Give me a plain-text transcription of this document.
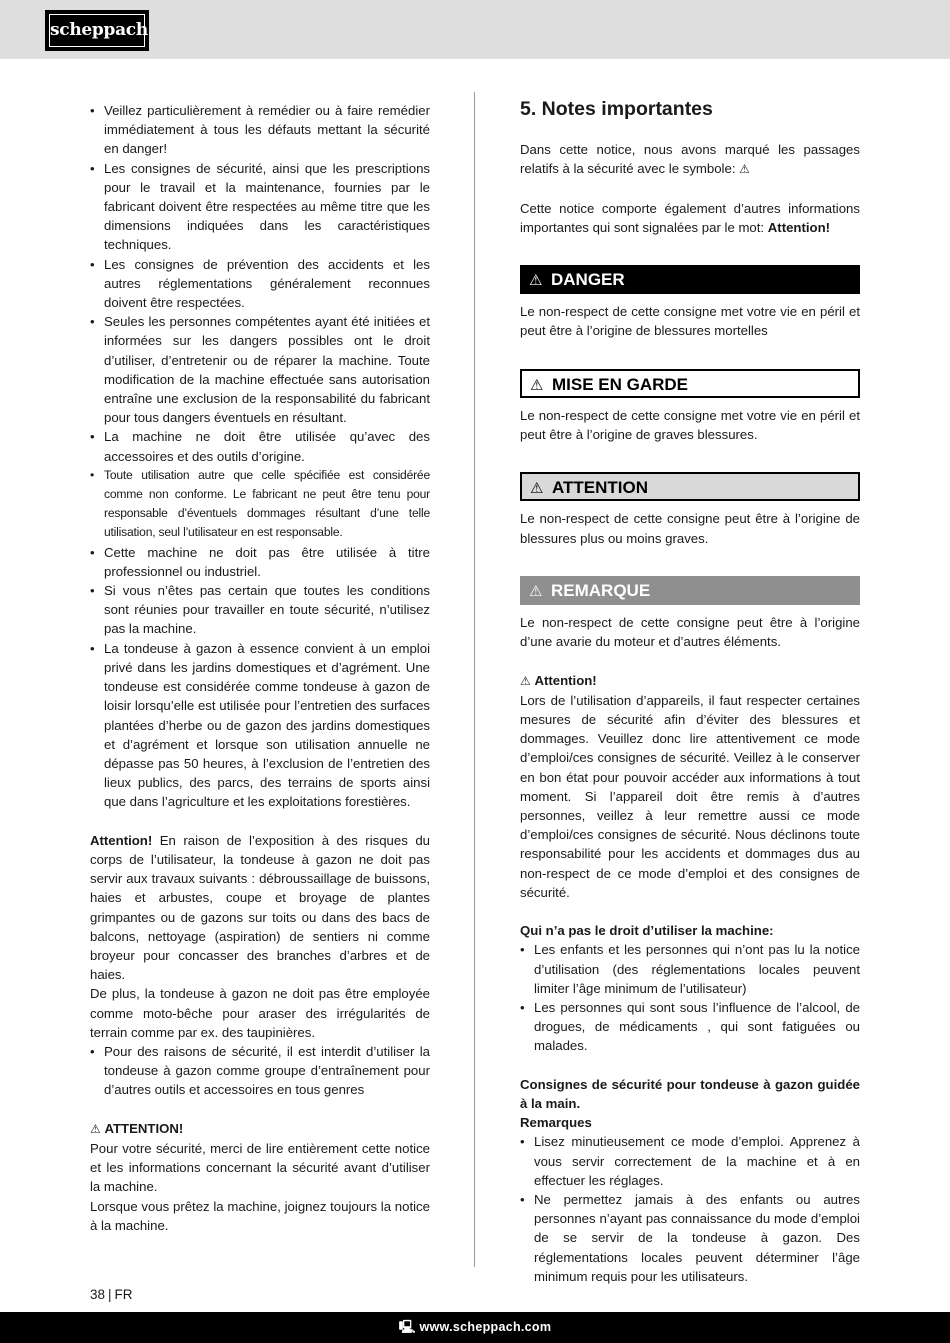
scheppach
• Veillez particulièrement à remédier ou à faire remédier immédiatement à tous les défauts mettant la sécurité en danger!
• Les consignes de sécurité, ainsi que les prescriptions pour le travail et la maintenance, fournies par le fabricant doivent être respectées au même titre que les dimensions indiquées dans les caractéristiques techniques.
• Les consignes de prévention des accidents et les autres réglementations généralement reconnues doivent être respectées.
• Seules les personnes compétentes ayant été initiées et informées sur les dangers possibles ont le droit d’utiliser, d’entretenir ou de réparer la machine. Toute modification de la machine effectuée sans autorisation entraîne une exclusion de la responsabilité du fabricant pour tous dangers éventuels en résultant.
• La machine ne doit être utilisée qu’avec des accessoires et des outils d’origine.
• Toute utilisation autre que celle spécifiée est considérée comme non conforme. Le fabricant ne peut être tenu pour responsable d’éventuels dommages résultant d’une telle utilisation, seul l’utilisateur en est responsable.
• Cette machine ne doit pas être utilisée à titre professionnel ou industriel.
• Si vous n’êtes pas certain que toutes les conditions sont réunies pour travailler en toute sécurité, n’utilisez pas la machine.
• La tondeuse à gazon à essence convient à un emploi privé dans les jardins domestiques et d’agrément. Une tondeuse est considérée comme tondeuse à gazon de loisir lorsqu’elle est utilisée pour l’entretien des surfaces plantées d’herbe ou de gazon des jardins domestiques et d’agrément et lorsque son utilisation annuelle ne dépasse pas 50 heures, à l’exclusion de l’entretien des lieux publics, des parcs, des terrains de sports ainsi que dans l’agriculture et les exploitations forestières.

Attention! En raison de l’exposition à des risques du corps de l’utilisateur, la tondeuse à gazon ne doit pas servir aux travaux suivants : débroussaillage de buissons, haies et arbustes, coupe et broyage de plantes grimpantes ou de gazons sur toits ou dans des bacs de balcons, nettoyage (aspiration) de sentiers ni comme broyeur pour concasser des branches d’arbres et de haies.

De plus, la tondeuse à gazon ne doit pas être employée comme moto-bêche pour araser des irrégularités de terrain comme par ex. des taupinières.

• Pour des raisons de sécurité, il est interdit d’utiliser la tondeuse à gazon comme groupe d’entraînement pour d’autres outils et accessoires en tous genres

⚠ ATTENTION!

Pour votre sécurité, merci de lire entièrement cette notice et les informations concernant la sécurité avant d’utiliser la machine.

Lorsque vous prêtez la machine, joignez toujours la notice à la machine.

5. Notes importantes

Dans cette notice, nous avons marqué les passages relatifs à la sécurité avec le symbole: ⚠

Cette notice comporte également d’autres informations importantes qui sont signalées par le mot: Attention!

⚠ DANGER

Le non-respect de cette consigne met votre vie en péril et peut être à l’origine de blessures mortelles

⚠ MISE EN GARDE

Le non-respect de cette consigne met votre vie en péril et peut être à l’origine de graves blessures.

⚠ ATTENTION

Le non-respect de cette consigne peut être à l’origine de blessures plus ou moins graves.

⚠ REMARQUE

Le non-respect de cette consigne peut être à l’origine d’une avarie du moteur et d’autres éléments.

⚠ Attention!

Lors de l’utilisation d’appareils, il faut respecter certaines mesures de sécurité afin d’éviter des blessures et dommages. Veuillez donc lire attentivement ce mode d’emploi/ces consignes de sécurité. Veillez à le conserver en bon état pour pouvoir accéder aux informations à tout moment. Si l’appareil doit être remis à d’autres personnes, veillez à leur remettre aussi ce mode d’emploi/ces consignes de sécurité. Nous déclinons toute responsabilité pour les accidents et dommages dus au non-respect de ce mode d’emploi et des consignes de sécurité.

Qui n’a pas le droit d’utiliser la machine:

• Les enfants et les personnes qui n’ont pas lu la notice d’utilisation (des réglementations locales peuvent limiter l’âge minimum de l’utilisateur)
• Les personnes qui sont sous l’influence de l’alcool, de drogues, de médicaments , qui sont fatiguées ou malades.

Consignes de sécurité pour tondeuse à gazon guidée à la main.

Remarques

• Lisez minutieusement ce mode d’emploi. Apprenez à vous servir correctement de la machine et à en effectuer les réglages.
• Ne permettez jamais à des enfants ou autres personnes n’ayant pas connaissance du mode d’emploi de se servir de la tondeuse à gazon. Des réglementations locales peuvent déterminer l’âge minimum requis pour les utilisateurs.
38 | FR
🖳 www.scheppach.com
